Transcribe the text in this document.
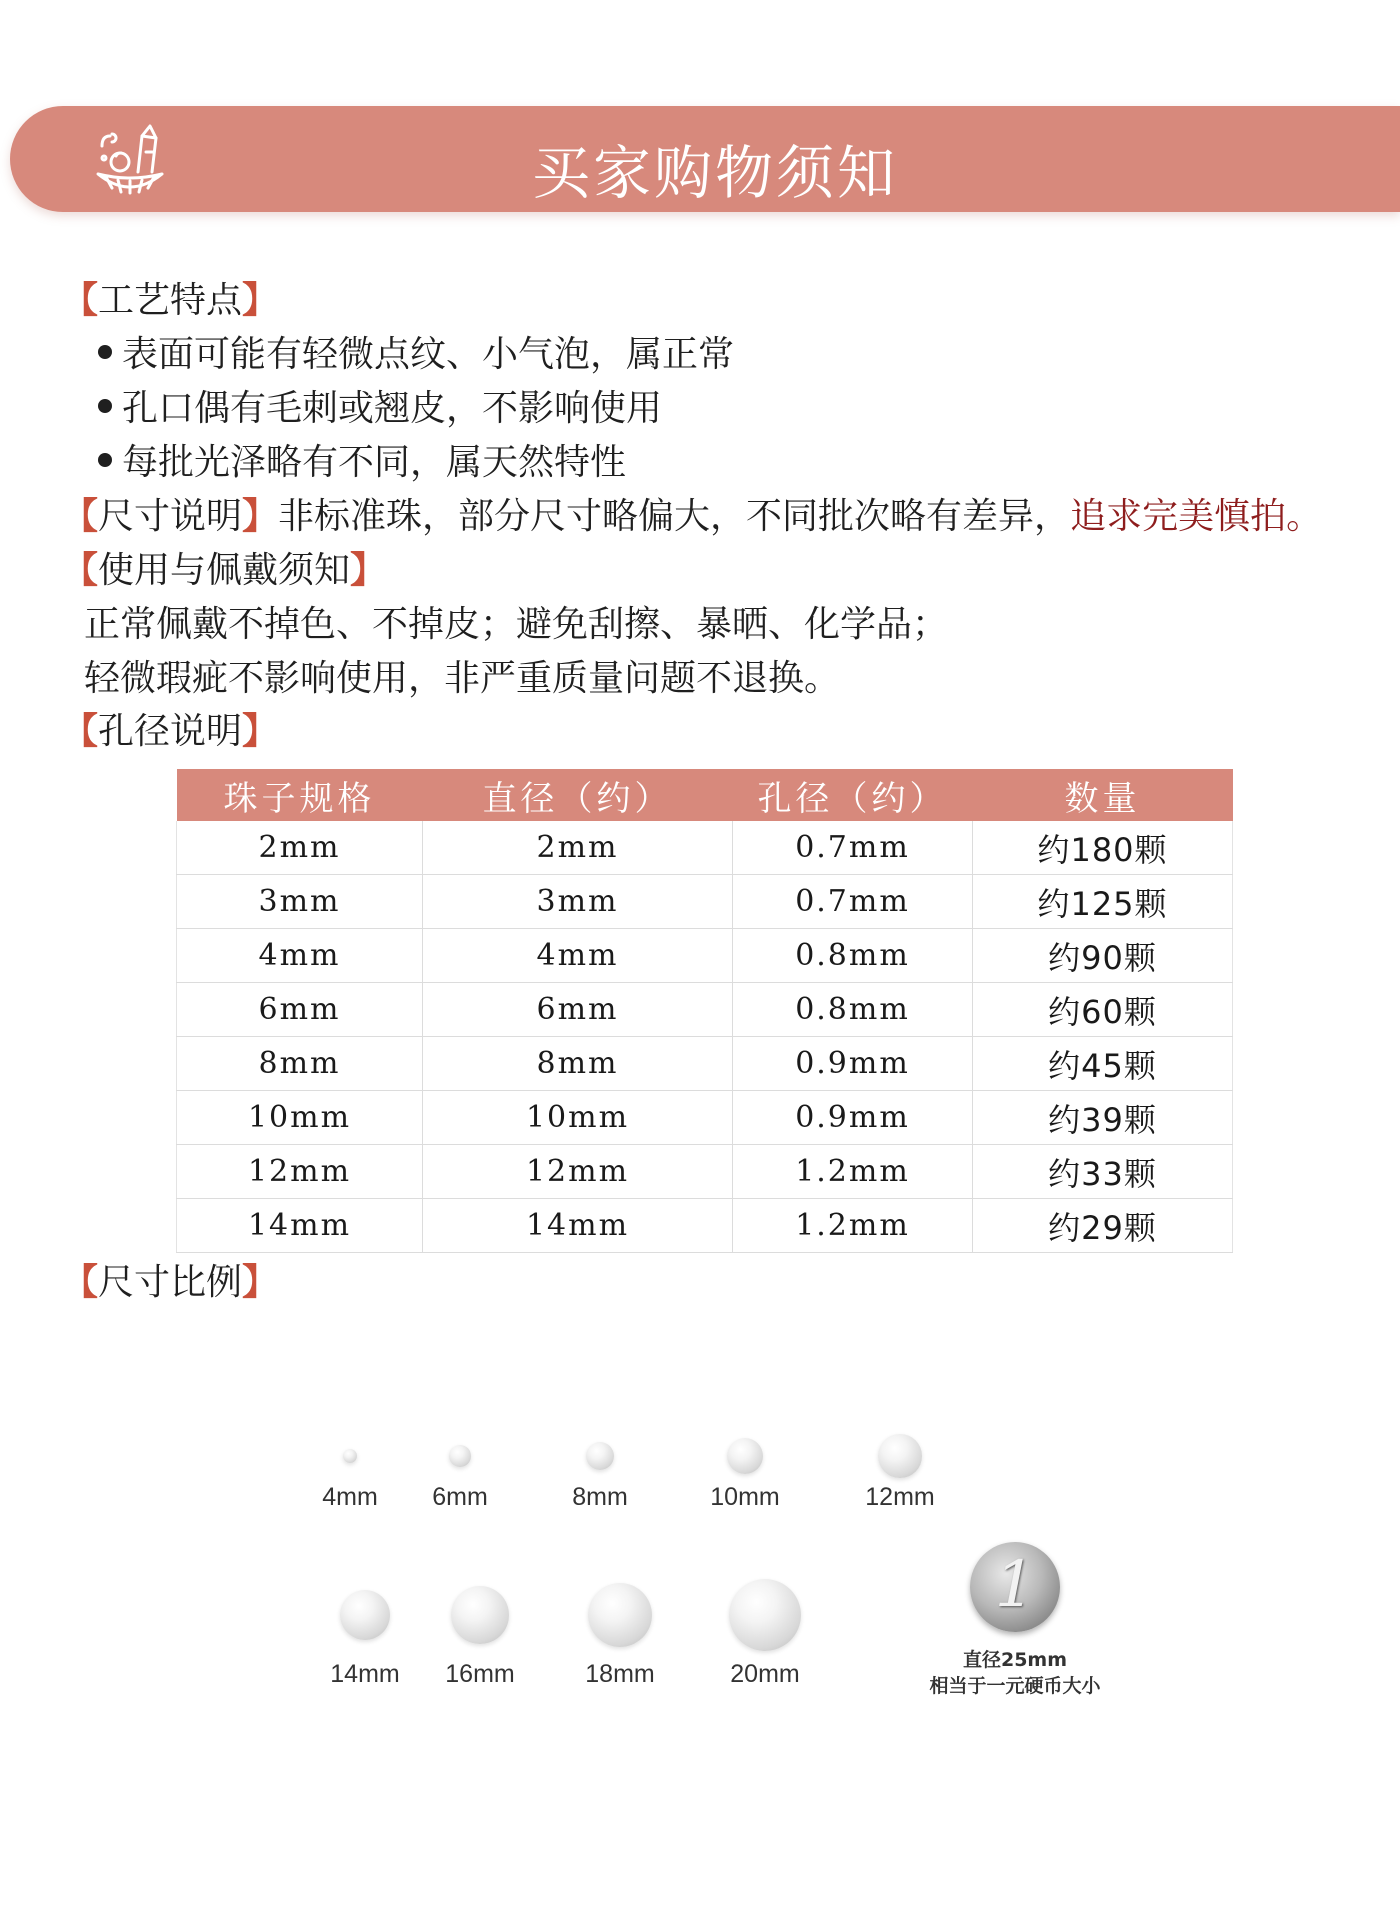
买家购物须知
【工艺特点】
表面可能有轻微点纹、小气泡，属正常
孔口偶有毛刺或翘皮，不影响使用
每批光泽略有不同，属天然特性
【尺寸说明】非标准珠，部分尺寸略偏大，不同批次略有差异，追求完美慎拍。
【使用与佩戴须知】
正常佩戴不掉色、不掉皮；避免刮擦、暴晒、化学品；
轻微瑕疵不影响使用，非严重质量问题不退换。
【孔径说明】
珠子规格	直径（约）	孔径（约）	数量
2mm	2mm	0.7mm	约180颗
3mm	3mm	0.7mm	约125颗
4mm	4mm	0.8mm	约90颗
6mm	6mm	0.8mm	约60颗
8mm	8mm	0.9mm	约45颗
10mm	10mm	0.9mm	约39颗
12mm	12mm	1.2mm	约33颗
14mm	14mm	1.2mm	约29颗
【尺寸比例】
1
直径25mm
相当于一元硬币大小
4mm	6mm	8mm	10mm	12mm
14mm	16mm	18mm	20mm
